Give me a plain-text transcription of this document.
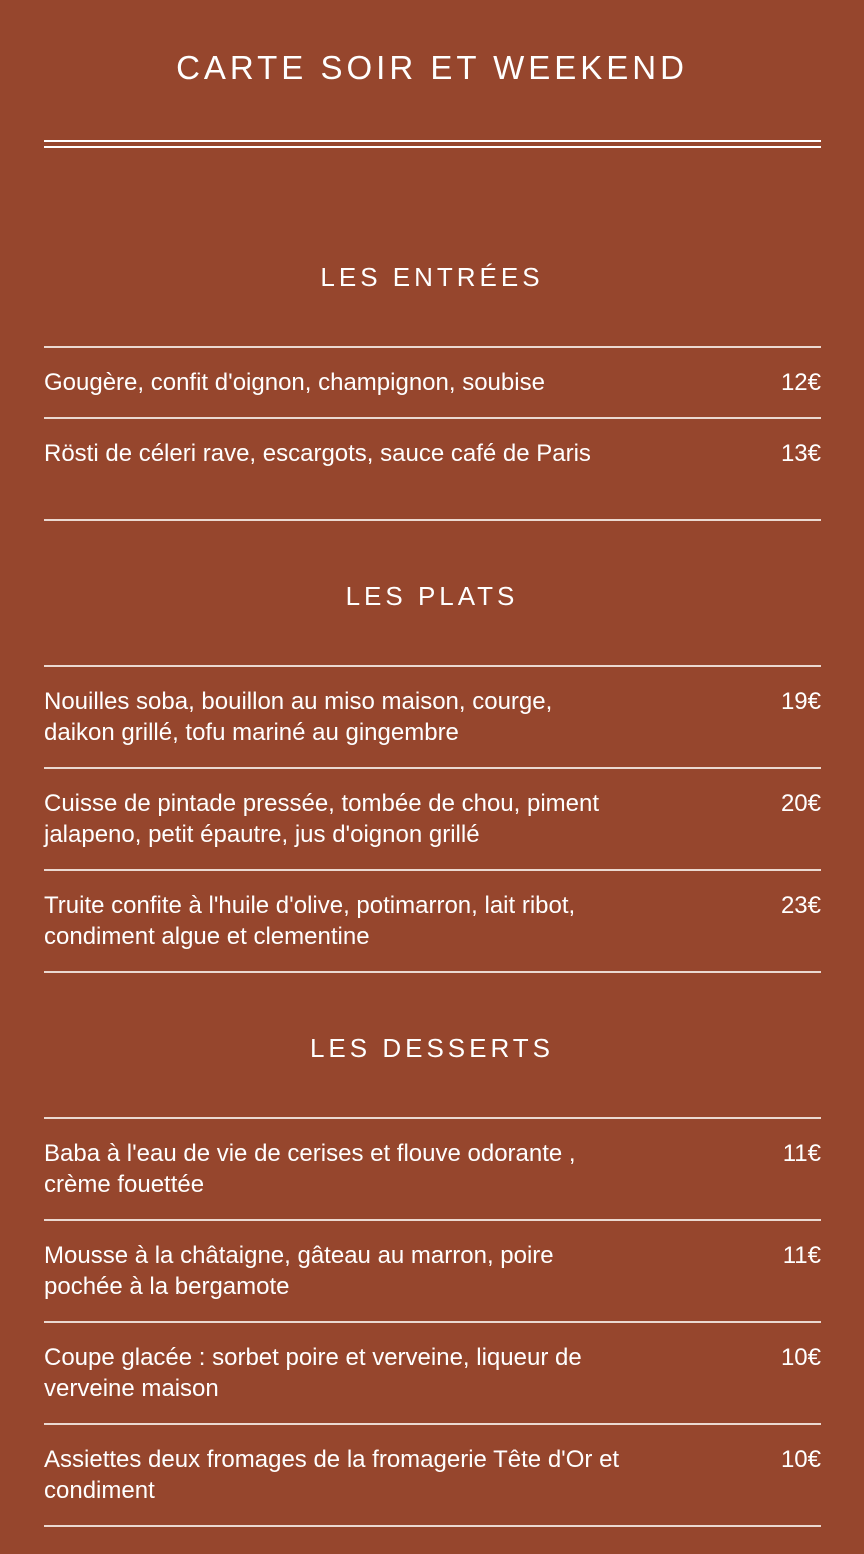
CARTE SOIR ET WEEKEND
LES ENTRÉES
Gougère, confit d'oignon, champignon, soubise	12€
Rösti de céleri rave, escargots, sauce café de Paris	13€
LES PLATS
Nouilles soba, bouillon au miso maison, courge, daikon grillé, tofu mariné au gingembre
19€
Cuisse de pintade pressée, tombée de chou, piment jalapeno, petit épautre, jus d'oignon grillé
20€
Truite confite à l'huile d'olive, potimarron, lait ribot, condiment algue et clementine
23€
LES DESSERTS
Baba à l'eau de vie de cerises et flouve odorante , crème fouettée
11€
Mousse à la châtaigne, gâteau au marron, poire pochée à la bergamote
11€
Coupe glacée : sorbet poire et verveine, liqueur de verveine maison
10€
Assiettes deux fromages de la fromagerie Tête d'Or et condiment
10€
